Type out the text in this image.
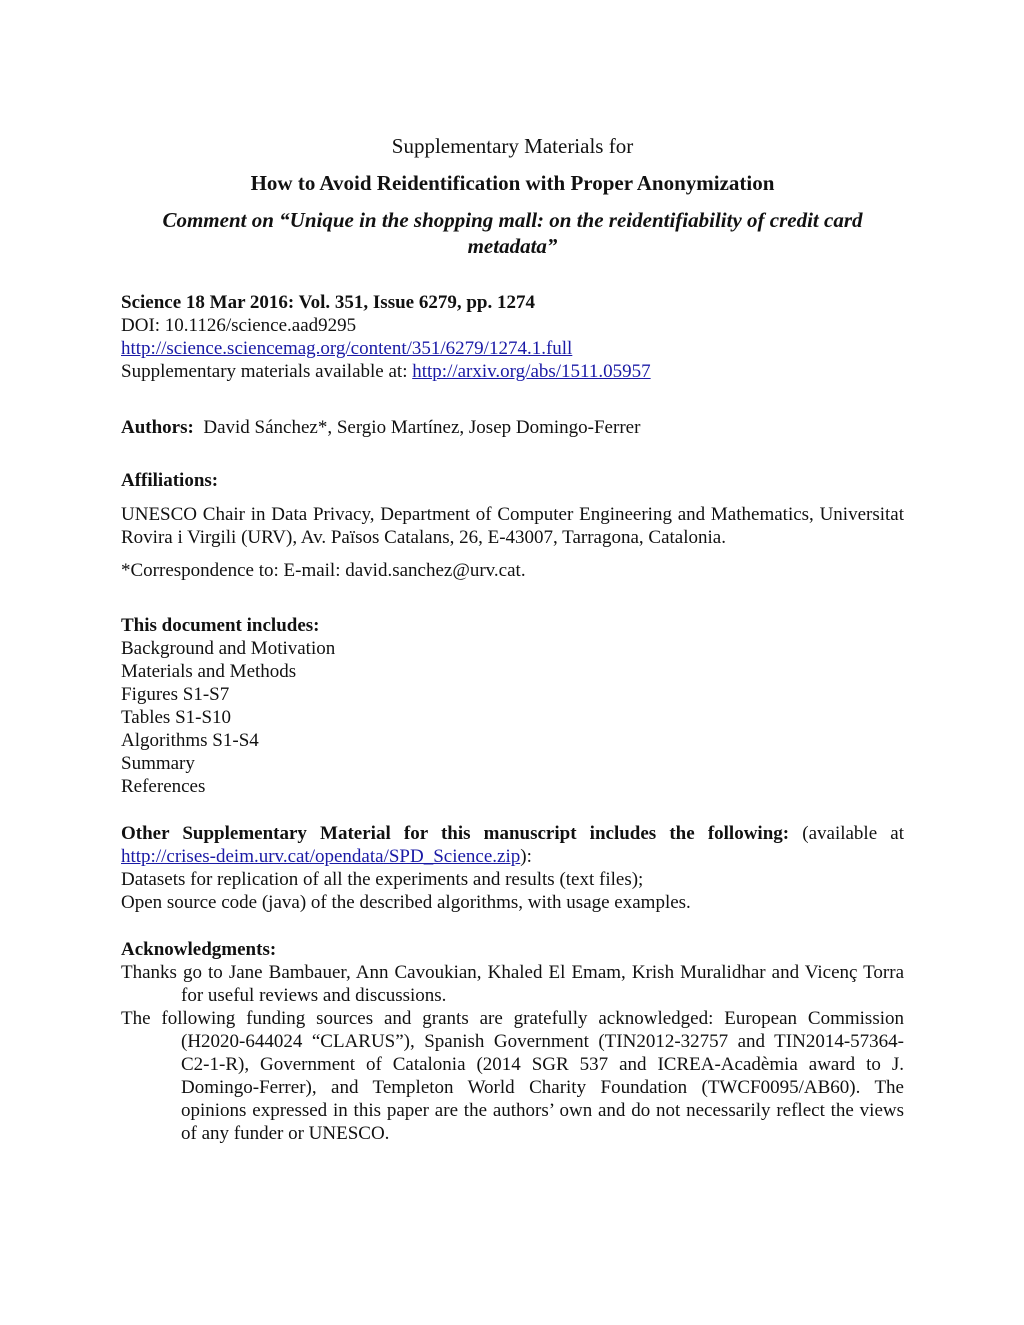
Supplementary Materials for
How to Avoid Reidentification with Proper Anonymization
Comment on “Unique in the shopping mall: on the reidentifiability of credit card metadata”
Science 18 Mar 2016: Vol. 351, Issue 6279, pp. 1274
DOI: 10.1126/science.aad9295
http://science.sciencemag.org/content/351/6279/1274.1.full
Supplementary materials available at: http://arxiv.org/abs/1511.05957
Authors: David Sánchez*, Sergio Martínez, Josep Domingo-Ferrer
Affiliations:
UNESCO Chair in Data Privacy, Department of Computer Engineering and Mathematics, Universitat Rovira i Virgili (URV), Av. Països Catalans, 26, E-43007, Tarragona, Catalonia.
*Correspondence to: E-mail: david.sanchez@urv.cat.
This document includes:
Background and Motivation
Materials and Methods
Figures S1-S7
Tables S1-S10
Algorithms S1-S4
Summary
References
Other Supplementary Material for this manuscript includes the following: (available at http://crises-deim.urv.cat/opendata/SPD_Science.zip):
Datasets for replication of all the experiments and results (text files);
Open source code (java) of the described algorithms, with usage examples.
Acknowledgments:
Thanks go to Jane Bambauer, Ann Cavoukian, Khaled El Emam, Krish Muralidhar and Vicenç Torra for useful reviews and discussions.
The following funding sources and grants are gratefully acknowledged: European Commission (H2020-644024 “CLARUS”), Spanish Government (TIN2012-32757 and TIN2014-57364-C2-1-R), Government of Catalonia (2014 SGR 537 and ICREA-Acadèmia award to J. Domingo-Ferrer), and Templeton World Charity Foundation (TWCF0095/AB60). The opinions expressed in this paper are the authors’ own and do not necessarily reflect the views of any funder or UNESCO.
